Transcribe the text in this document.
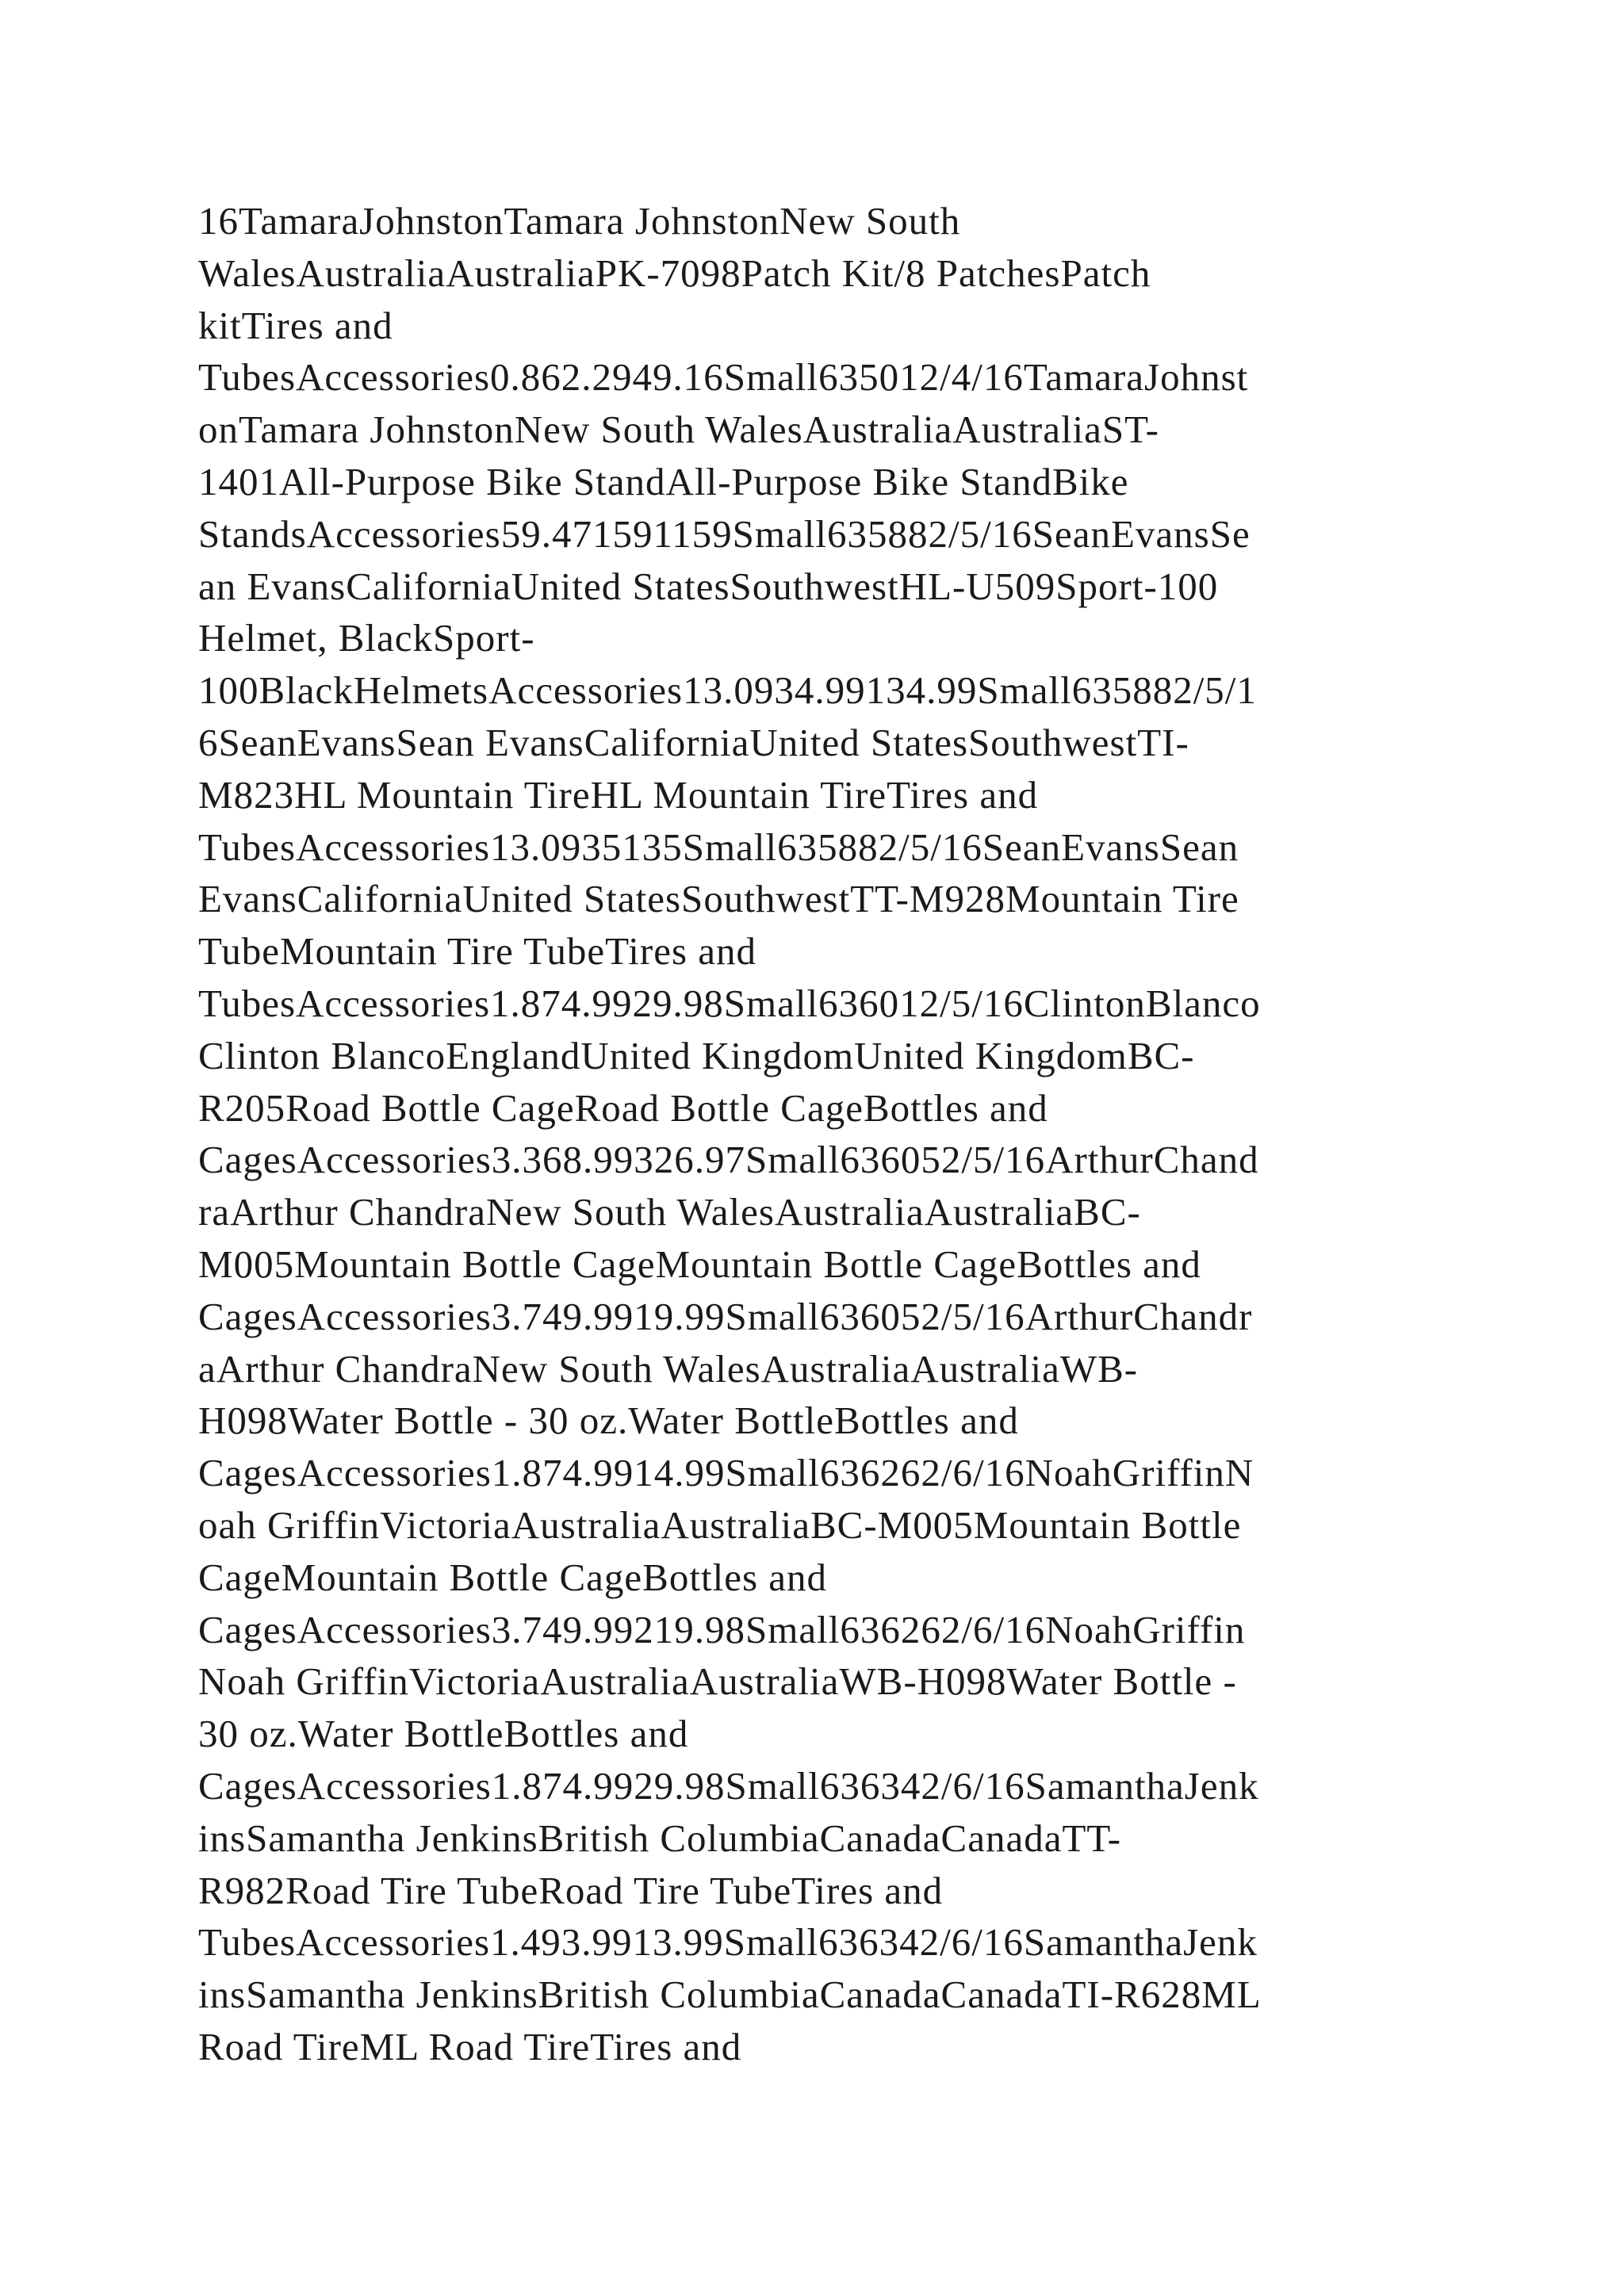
16TamaraJohnstonTamara JohnstonNew South
WalesAustraliaAustraliaPK-7098Patch Kit/8 PatchesPatch
kitTires and
TubesAccessories0.862.2949.16Small635012/4/16TamaraJohnst
onTamara JohnstonNew South WalesAustraliaAustraliaST-
1401All-Purpose Bike StandAll-Purpose Bike StandBike
StandsAccessories59.471591159Small635882/5/16SeanEvansSe
an EvansCaliforniaUnited StatesSouthwestHL-U509Sport-100
Helmet, BlackSport-
100BlackHelmetsAccessories13.0934.99134.99Small635882/5/1
6SeanEvansSean EvansCaliforniaUnited StatesSouthwestTI-
M823HL Mountain TireHL Mountain TireTires and
TubesAccessories13.0935135Small635882/5/16SeanEvansSean
EvansCaliforniaUnited StatesSouthwestTT-M928Mountain Tire
TubeMountain Tire TubeTires and
TubesAccessories1.874.9929.98Small636012/5/16ClintonBlanco
Clinton BlancoEnglandUnited KingdomUnited KingdomBC-
R205Road Bottle CageRoad Bottle CageBottles and
CagesAccessories3.368.99326.97Small636052/5/16ArthurChand
raArthur ChandraNew South WalesAustraliaAustraliaBC-
M005Mountain Bottle CageMountain Bottle CageBottles and
CagesAccessories3.749.9919.99Small636052/5/16ArthurChandr
aArthur ChandraNew South WalesAustraliaAustraliaWB-
H098Water Bottle - 30 oz.Water BottleBottles and
CagesAccessories1.874.9914.99Small636262/6/16NoahGriffinN
oah GriffinVictoriaAustraliaAustraliaBC-M005Mountain Bottle
CageMountain Bottle CageBottles and
CagesAccessories3.749.99219.98Small636262/6/16NoahGriffin
Noah GriffinVictoriaAustraliaAustraliaWB-H098Water Bottle -
30 oz.Water BottleBottles and
CagesAccessories1.874.9929.98Small636342/6/16SamanthaJenk
insSamantha JenkinsBritish ColumbiaCanadaCanadaTT-
R982Road Tire TubeRoad Tire TubeTires and
TubesAccessories1.493.9913.99Small636342/6/16SamanthaJenk
insSamantha JenkinsBritish ColumbiaCanadaCanadaTI-R628ML
Road TireML Road TireTires and
